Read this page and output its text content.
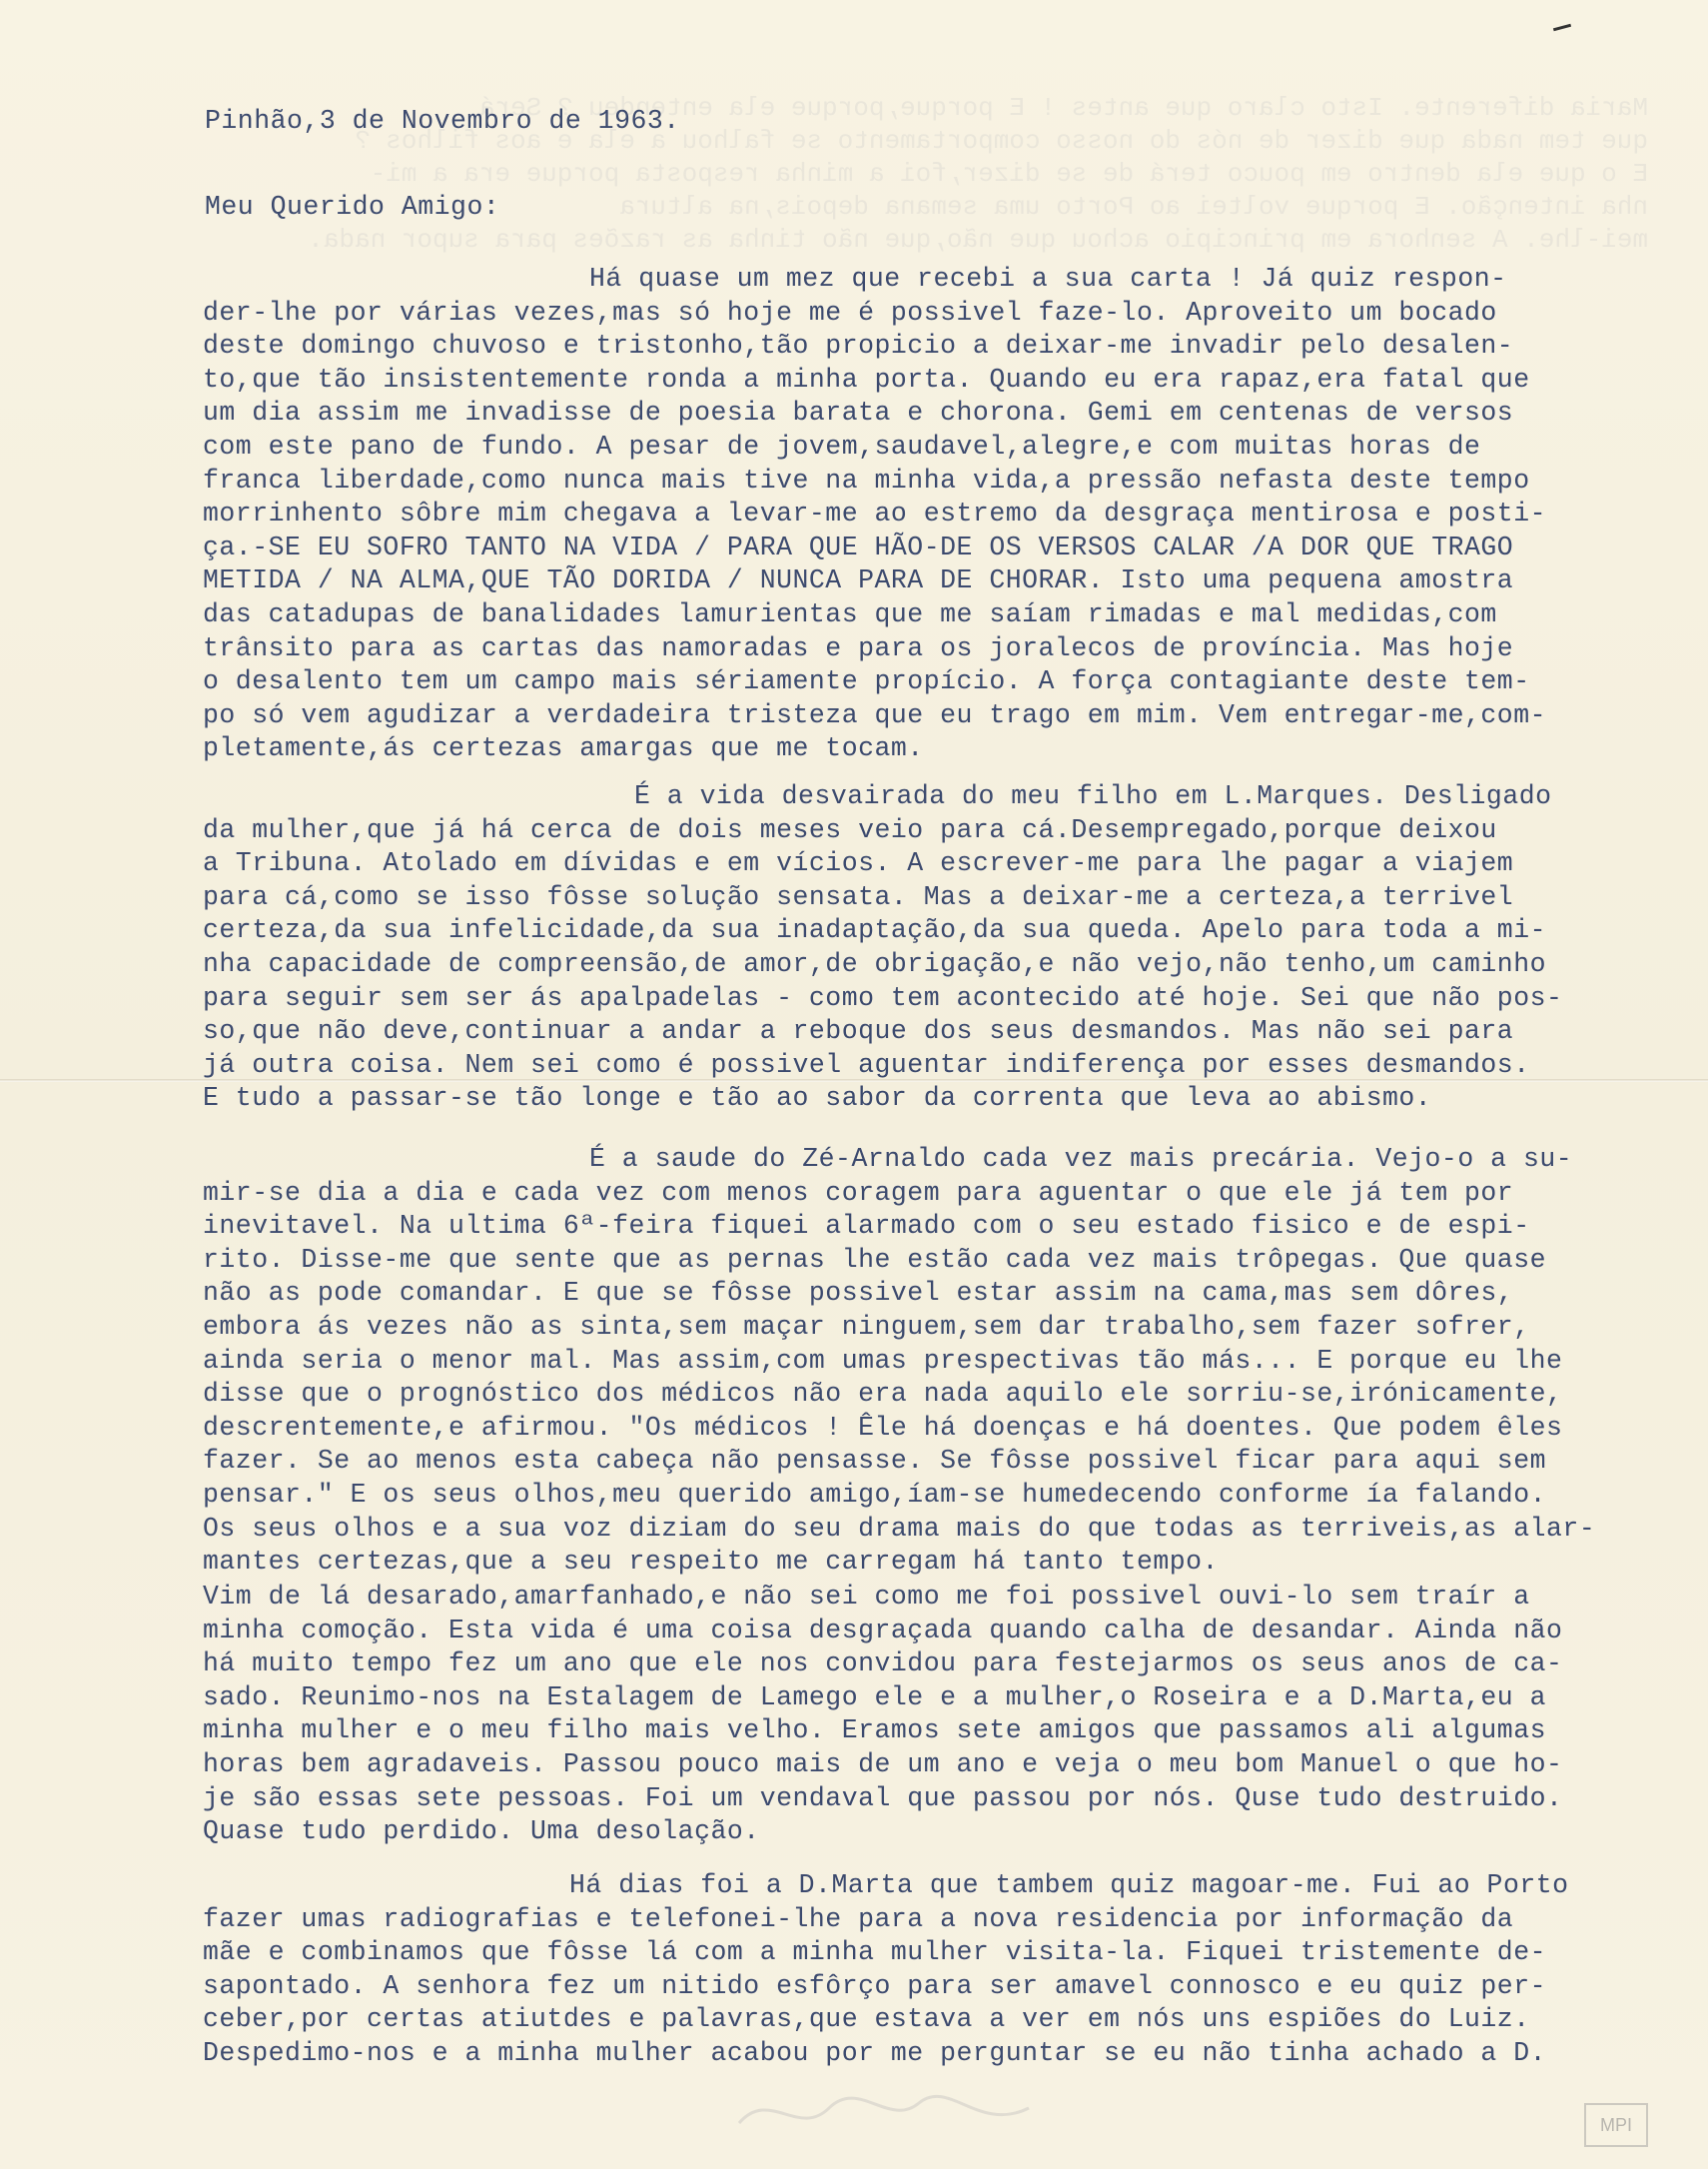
Maria diferente. Isto claro que antes ! E porque,porque ela entendeu ? Será
que tem nada que dizer de nós do nosso comportamento se falhou a ela e aos filhos ?
E o que ela dentro em pouco terá de se dizer,foi a minha resposta porque era a mi-
nha intenção. E porque voltei ao Porto uma semana depois,na altura
mei-lhe. A senhora em principio achou que não,que não tinha as razões para supor nada.
Pinhão,3 de Novembro de 1963.
Meu Querido Amigo:
Há quase um mez que recebi a sua carta ! Já quiz respon-
der-lhe por várias vezes,mas só hoje me é possivel faze-lo. Aproveito um bocado
deste domingo chuvoso e tristonho,tão propicio a deixar-me invadir pelo desalen-
to,que tão insistentemente ronda a minha porta. Quando eu era rapaz,era fatal que
um dia assim me invadisse de poesia barata e chorona. Gemi em centenas de versos
com este pano de fundo. A pesar de jovem,saudavel,alegre,e com muitas horas de
franca liberdade,como nunca mais tive na minha vida,a pressão nefasta deste tempo
morrinhento sôbre mim chegava a levar-me ao estremo da desgraça mentirosa e posti-
ça.-SE EU SOFRO TANTO NA VIDA / PARA QUE HÃO-DE OS VERSOS CALAR /A DOR QUE TRAGO
METIDA / NA ALMA,QUE TÃO DORIDA / NUNCA PARA DE CHORAR. Isto uma pequena amostra
das catadupas de banalidades lamurientas que me saíam rimadas e mal medidas,com
trânsito para as cartas das namoradas e para os joralecos de província. Mas hoje
o desalento tem um campo mais sériamente propício. A força contagiante deste tem-
po só vem agudizar a verdadeira tristeza que eu trago em mim. Vem entregar-me,com-
pletamente,ás certezas amargas que me tocam.
É a vida desvairada do meu filho em L.Marques. Desligado
da mulher,que já há cerca de dois meses veio para cá.Desempregado,porque deixou
a Tribuna. Atolado em dívidas e em vícios. A escrever-me para lhe pagar a viajem
para cá,como se isso fôsse solução sensata. Mas a deixar-me a certeza,a terrivel
certeza,da sua infelicidade,da sua inadaptação,da sua queda. Apelo para toda a mi-
nha capacidade de compreensão,de amor,de obrigação,e não vejo,não tenho,um caminho
para seguir sem ser ás apalpadelas - como tem acontecido até hoje. Sei que não pos-
so,que não deve,continuar a andar a reboque dos seus desmandos. Mas não sei para
já outra coisa. Nem sei como é possivel aguentar indiferença por esses desmandos.
E tudo a passar-se tão longe e tão ao sabor da correnta que leva ao abismo.
É a saude do Zé-Arnaldo cada vez mais precária. Vejo-o a su-
mir-se dia a dia e cada vez com menos coragem para aguentar o que ele já tem por
inevitavel. Na ultima 6ª-feira fiquei alarmado com o seu estado fisico e de espi-
rito. Disse-me que sente que as pernas lhe estão cada vez mais trôpegas. Que quase
não as pode comandar. E que se fôsse possivel estar assim na cama,mas sem dôres,
embora ás vezes não as sinta,sem maçar ninguem,sem dar trabalho,sem fazer sofrer,
ainda seria o menor mal. Mas assim,com umas prespectivas tão más... E porque eu lhe
disse que o prognóstico dos médicos não era nada aquilo ele sorriu-se,irónicamente,
descrentemente,e afirmou. "Os médicos ! Êle há doenças e há doentes. Que podem êles
fazer. Se ao menos esta cabeça não pensasse. Se fôsse possivel ficar para aqui sem
pensar." E os seus olhos,meu querido amigo,íam-se humedecendo conforme ía falando.
Os seus olhos e a sua voz diziam do seu drama mais do que todas as terriveis,as alar-
mantes certezas,que a seu respeito me carregam há tanto tempo.
Vim de lá desarado,amarfanhado,e não sei como me foi possivel ouvi-lo sem traír a
minha comoção. Esta vida é uma coisa desgraçada quando calha de desandar. Ainda não
há muito tempo fez um ano que ele nos convidou para festejarmos os seus anos de ca-
sado. Reunimo-nos na Estalagem de Lamego ele e a mulher,o Roseira e a D.Marta,eu a
minha mulher e o meu filho mais velho. Eramos sete amigos que passamos ali algumas
horas bem agradaveis. Passou pouco mais de um ano e veja o meu bom Manuel o que ho-
je são essas sete pessoas. Foi um vendaval que passou por nós. Quse tudo destruido.
Quase tudo perdido. Uma desolação.
Há dias foi a D.Marta que tambem quiz magoar-me. Fui ao Porto
fazer umas radiografias e telefonei-lhe para a nova residencia por informação da
mãe e combinamos que fôsse lá com a minha mulher visita-la. Fiquei tristemente de-
sapontado. A senhora fez um nitido esfôrço para ser amavel connosco e eu quiz per-
ceber,por certas atiutdes e palavras,que estava a ver em nós uns espiões do Luiz.
Despedimo-nos e a minha mulher acabou por me perguntar se eu não tinha achado a D.
MPI
